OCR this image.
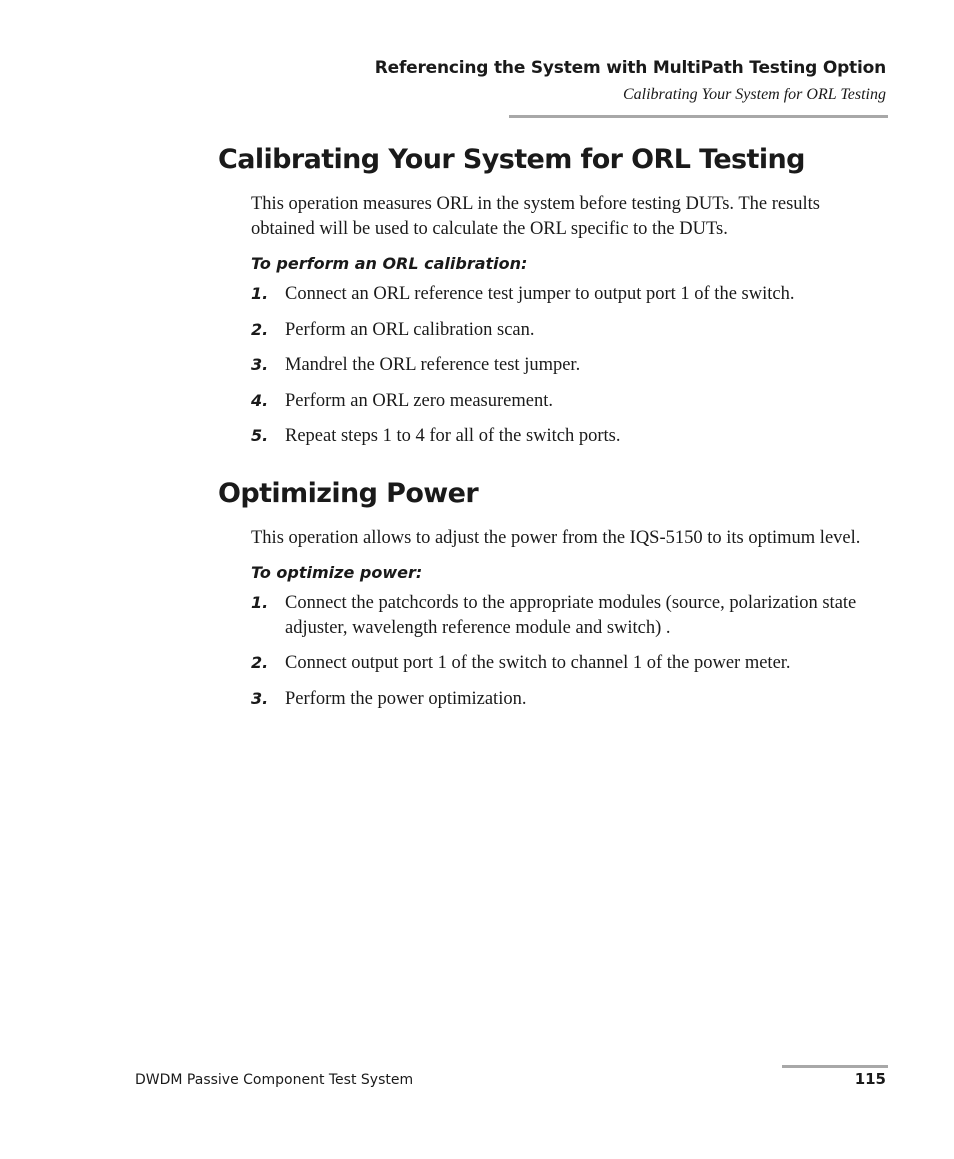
Referencing the System with MultiPath Testing Option
Calibrating Your System for ORL Testing
Calibrating Your System for ORL Testing

This operation measures ORL in the system before testing DUTs. The results obtained will be used to calculate the ORL specific to the DUTs.

To perform an ORL calibration:
1. Connect an ORL reference test jumper to output port 1 of the switch.
2. Perform an ORL calibration scan.
3. Mandrel the ORL reference test jumper.
4. Perform an ORL zero measurement.
5. Repeat steps 1 to 4 for all of the switch ports.
Optimizing Power

This operation allows to adjust the power from the IQS-5150 to its optimum level.

To optimize power:
1. Connect the patchcords to the appropriate modules (source, polarization state adjuster, wavelength reference module and switch) .
2. Connect output port 1 of the switch to channel 1 of the power meter.
3. Perform the power optimization.
DWDM Passive Component Test System	115
